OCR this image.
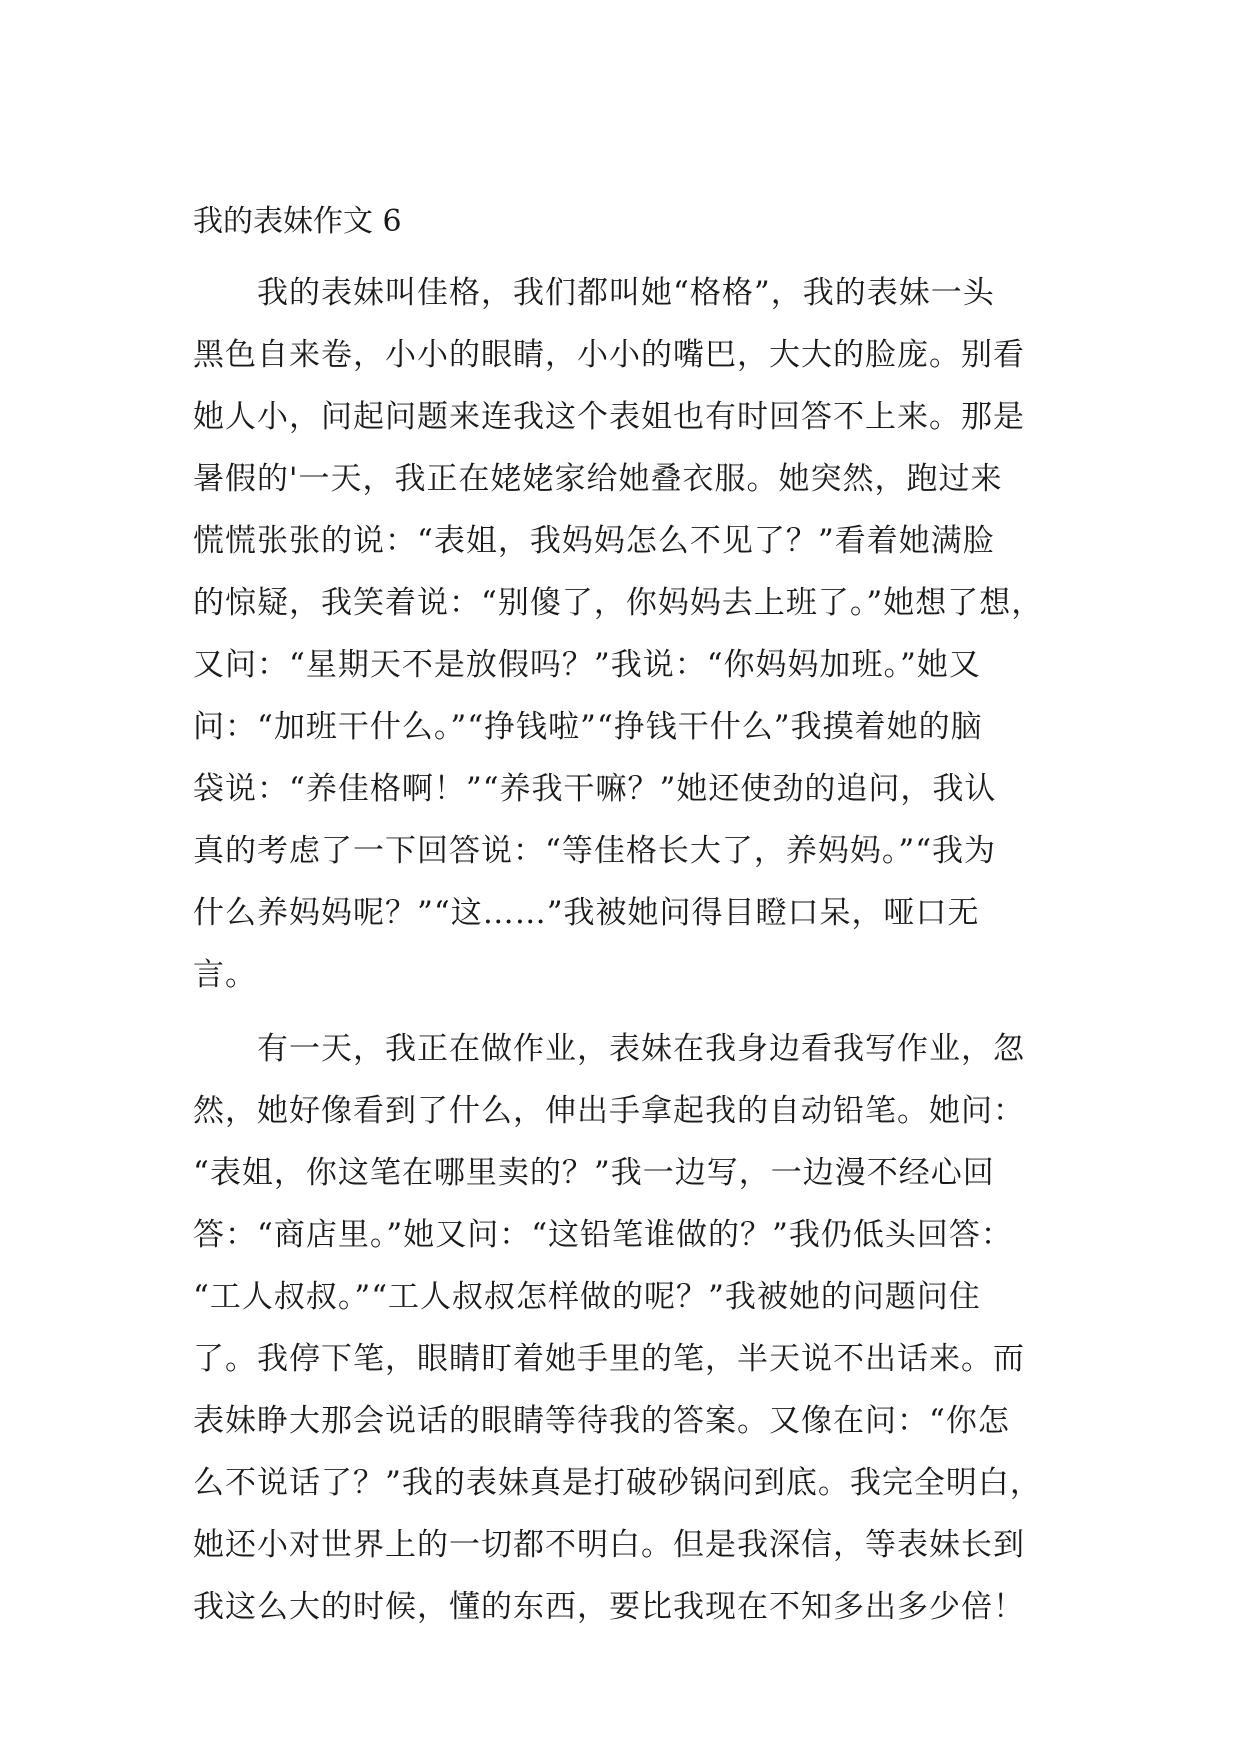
我的表妹作文 6
我的表妹叫佳格，我们都叫她“格格”，我的表妹一头
黑色自来卷，小小的眼睛，小小的嘴巴，大大的脸庞。别看
她人小，问起问题来连我这个表姐也有时回答不上来。那是
暑假的'一天，我正在姥姥家给她叠衣服。她突然，跑过来
慌慌张张的说：“表姐，我妈妈怎么不见了？”看着她满脸
的惊疑，我笑着说：“别傻了，你妈妈去上班了。”她想了想，
又问：“星期天不是放假吗？”我说：“你妈妈加班。”她又
问：“加班干什么。”“挣钱啦”“挣钱干什么”我摸着她的脑
袋说：“养佳格啊！”“养我干嘛？”她还使劲的追问，我认
真的考虑了一下回答说：“等佳格长大了，养妈妈。”“我为
什么养妈妈呢？”“这……”我被她问得目瞪口呆，哑口无
言。
有一天，我正在做作业，表妹在我身边看我写作业，忽
然，她好像看到了什么，伸出手拿起我的自动铅笔。她问：
“表姐，你这笔在哪里卖的？”我一边写，一边漫不经心回
答：“商店里。”她又问：“这铅笔谁做的？”我仍低头回答：
“工人叔叔。”“工人叔叔怎样做的呢？”我被她的问题问住
了。我停下笔，眼睛盯着她手里的笔，半天说不出话来。而
表妹睁大那会说话的眼睛等待我的答案。又像在问：“你怎
么不说话了？”我的表妹真是打破砂锅问到底。我完全明白，
她还小对世界上的一切都不明白。但是我深信，等表妹长到
我这么大的时候，懂的东西，要比我现在不知多出多少倍！
